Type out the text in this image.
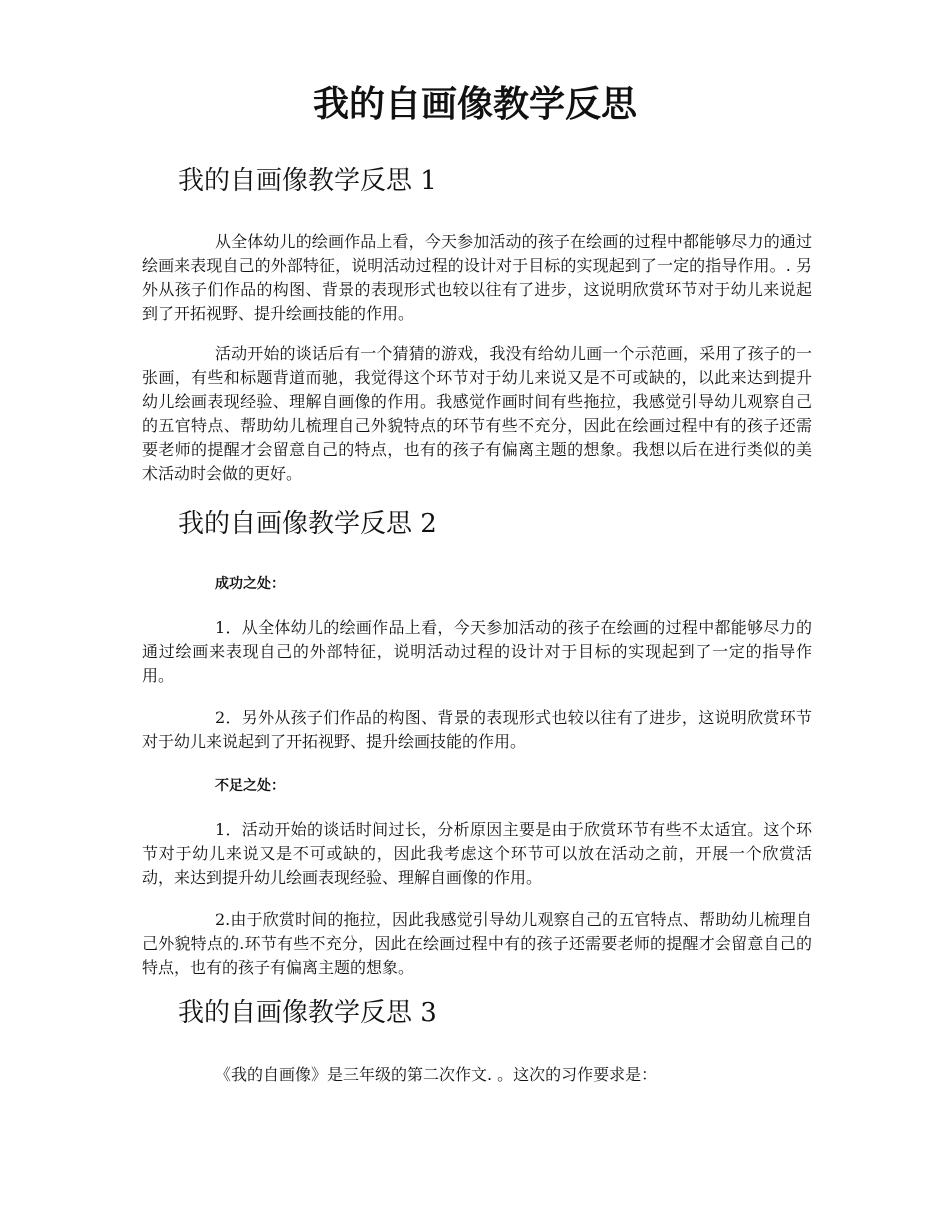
我的自画像教学反思
我的自画像教学反思 1

从全体幼儿的绘画作品上看，今天参加活动的孩子在绘画的过程中都能够尽力的通过绘画来表现自己的外部特征，说明活动过程的设计对于目标的实现起到了一定的指导作用。. 另外从孩子们作品的构图、背景的表现形式也较以往有了进步，这说明欣赏环节对于幼儿来说起到了开拓视野、提升绘画技能的作用。

活动开始的谈话后有一个猜猜的游戏，我没有给幼儿画一个示范画，采用了孩子的一张画，有些和标题背道而驰，我觉得这个环节对于幼儿来说又是不可或缺的，以此来达到提升幼儿绘画表现经验、理解自画像的作用。我感觉作画时间有些拖拉，我感觉引导幼儿观察自己的五官特点、帮助幼儿梳理自己外貌特点的环节有些不充分，因此在绘画过程中有的孩子还需要老师的提醒才会留意自己的特点，也有的孩子有偏离主题的想象。我想以后在进行类似的美术活动时会做的更好。

我的自画像教学反思 2

成功之处：

1．从全体幼儿的绘画作品上看，今天参加活动的孩子在绘画的过程中都能够尽力的通过绘画来表现自己的外部特征，说明活动过程的设计对于目标的实现起到了一定的指导作用。

2．另外从孩子们作品的构图、背景的表现形式也较以往有了进步，这说明欣赏环节对于幼儿来说起到了开拓视野、提升绘画技能的作用。

不足之处：

1．活动开始的谈话时间过长，分析原因主要是由于欣赏环节有些不太适宜。这个环节对于幼儿来说又是不可或缺的，因此我考虑这个环节可以放在活动之前，开展一个欣赏活动，来达到提升幼儿绘画表现经验、理解自画像的作用。

2.由于欣赏时间的拖拉，因此我感觉引导幼儿观察自己的五官特点、帮助幼儿梳理自己外貌特点的.环节有些不充分，因此在绘画过程中有的孩子还需要老师的提醒才会留意自己的特点，也有的孩子有偏离主题的想象。

我的自画像教学反思 3

《我的自画像》是三年级的第二次作文. 。这次的习作要求是：
